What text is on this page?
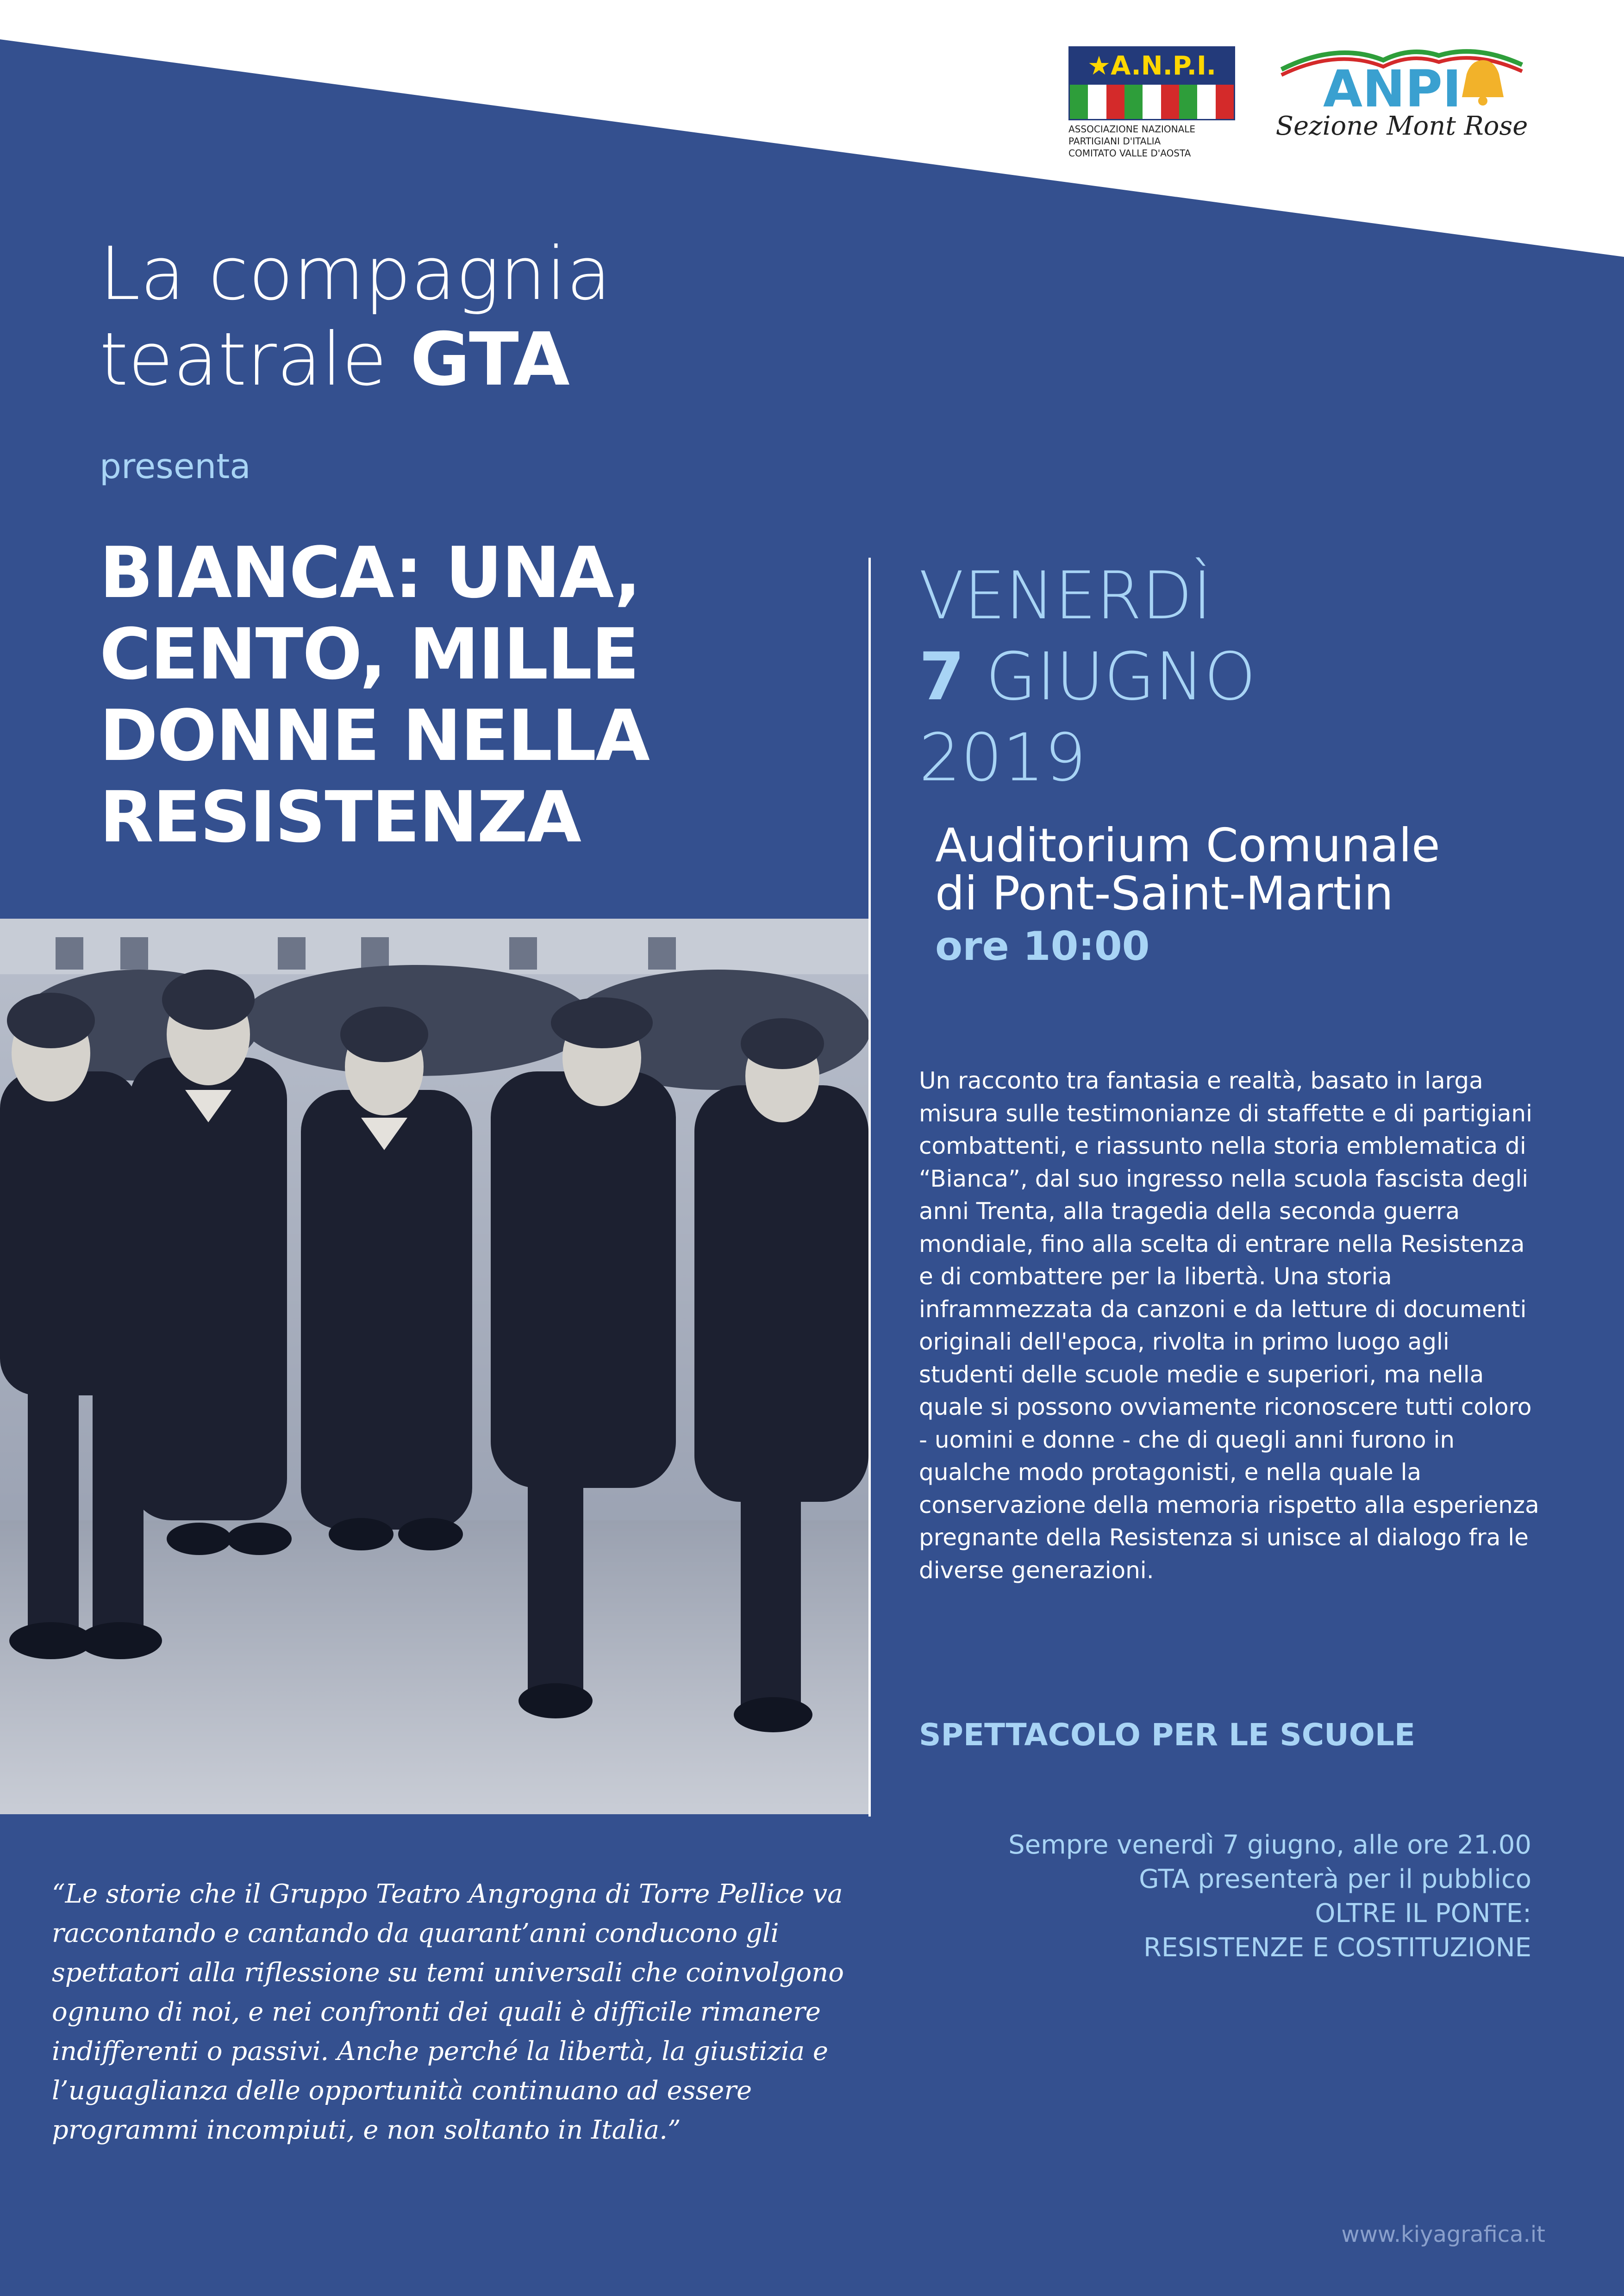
★A.N.P.I.
ASSOCIAZIONE NAZIONALE
PARTIGIANI D'ITALIA
COMITATO VALLE D'AOSTA
ANPI
Sezione Mont Rose
La compagnia
teatrale GTA
presenta
BIANCA: UNA,
CENTO, MILLE
DONNE NELLA
RESISTENZA
VENERDÌ
7 GIUGNO
2019
Auditorium Comunale
di Pont-Saint-Martin
ore 10:00
Un racconto tra fantasia e realtà, basato in larga misura sulle testimonianze di staffette e di partigiani combattenti, e riassunto nella storia emblematica di “Bianca”, dal suo ingresso nella scuola fascista degli anni Trenta, alla tragedia della seconda guerra mondiale, fino alla scelta di entrare nella Resistenza e di combattere per la libertà. Una storia inframmezzata da canzoni e da letture di documenti originali dell'epoca, rivolta in primo luogo agli studenti delle scuole medie e superiori, ma nella quale si possono ovviamente riconoscere tutti coloro - uomini e donne - che di quegli anni furono in qualche modo protagonisti, e nella quale la conservazione della memoria rispetto alla esperienza pregnante della Resistenza si unisce al dialogo fra le diverse generazioni.
SPETTACOLO PER LE SCUOLE
Sempre venerdì 7 giugno, alle ore 21.00
GTA presenterà per il pubblico
OLTRE IL PONTE:
RESISTENZE E COSTITUZIONE
“Le storie che il Gruppo Teatro Angrogna di Torre Pellice va raccontando e cantando da quarant’anni conducono gli spettatori alla riflessione su temi universali che coinvolgono ognuno di noi, e nei confronti dei quali è difficile rimanere indifferenti o passivi. Anche perché la libertà, la giustizia e l’uguaglianza delle opportunità continuano ad essere programmi incompiuti, e non soltanto in Italia.”
www.kiyagrafica.it
